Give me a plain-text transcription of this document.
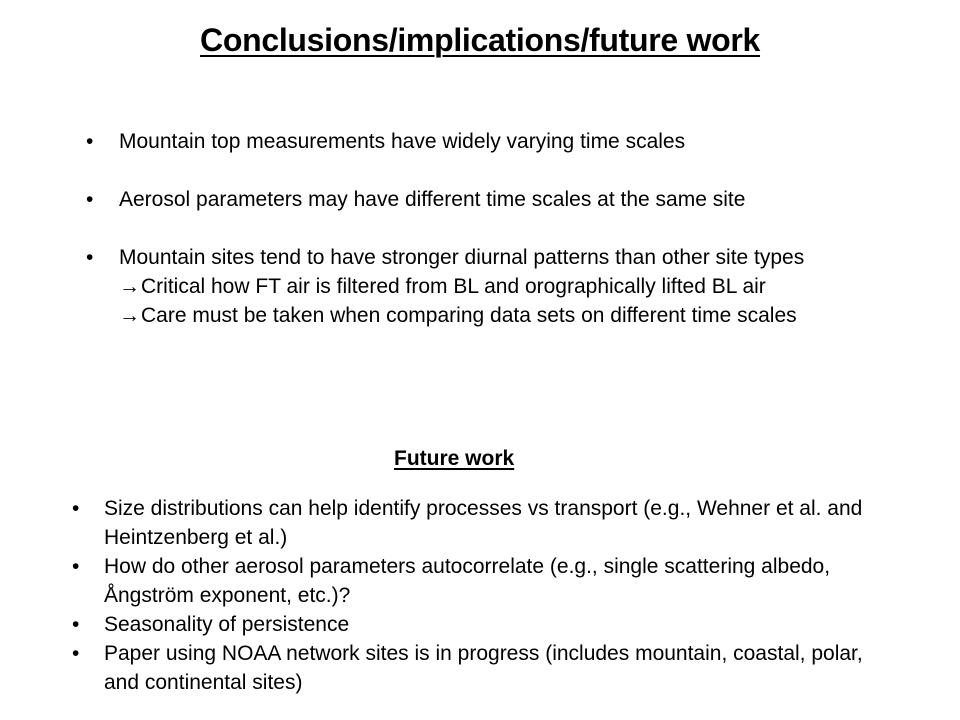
Conclusions/implications/future work
• Mountain top measurements have widely varying time scales
• Aerosol parameters may have different time scales at the same site
• Mountain sites tend to have stronger diurnal patterns than other site types
→Critical how FT air is filtered from BL and orographically lifted BL air
→Care must be taken when comparing data sets on different time scales
Future work
• Size distributions can help identify processes vs transport (e.g., Wehner et al. and Heintzenberg et al.)
• How do other aerosol parameters autocorrelate (e.g., single scattering albedo, Ångström exponent, etc.)?
• Seasonality of persistence
• Paper using NOAA network sites is in progress (includes mountain, coastal, polar, and continental sites)
